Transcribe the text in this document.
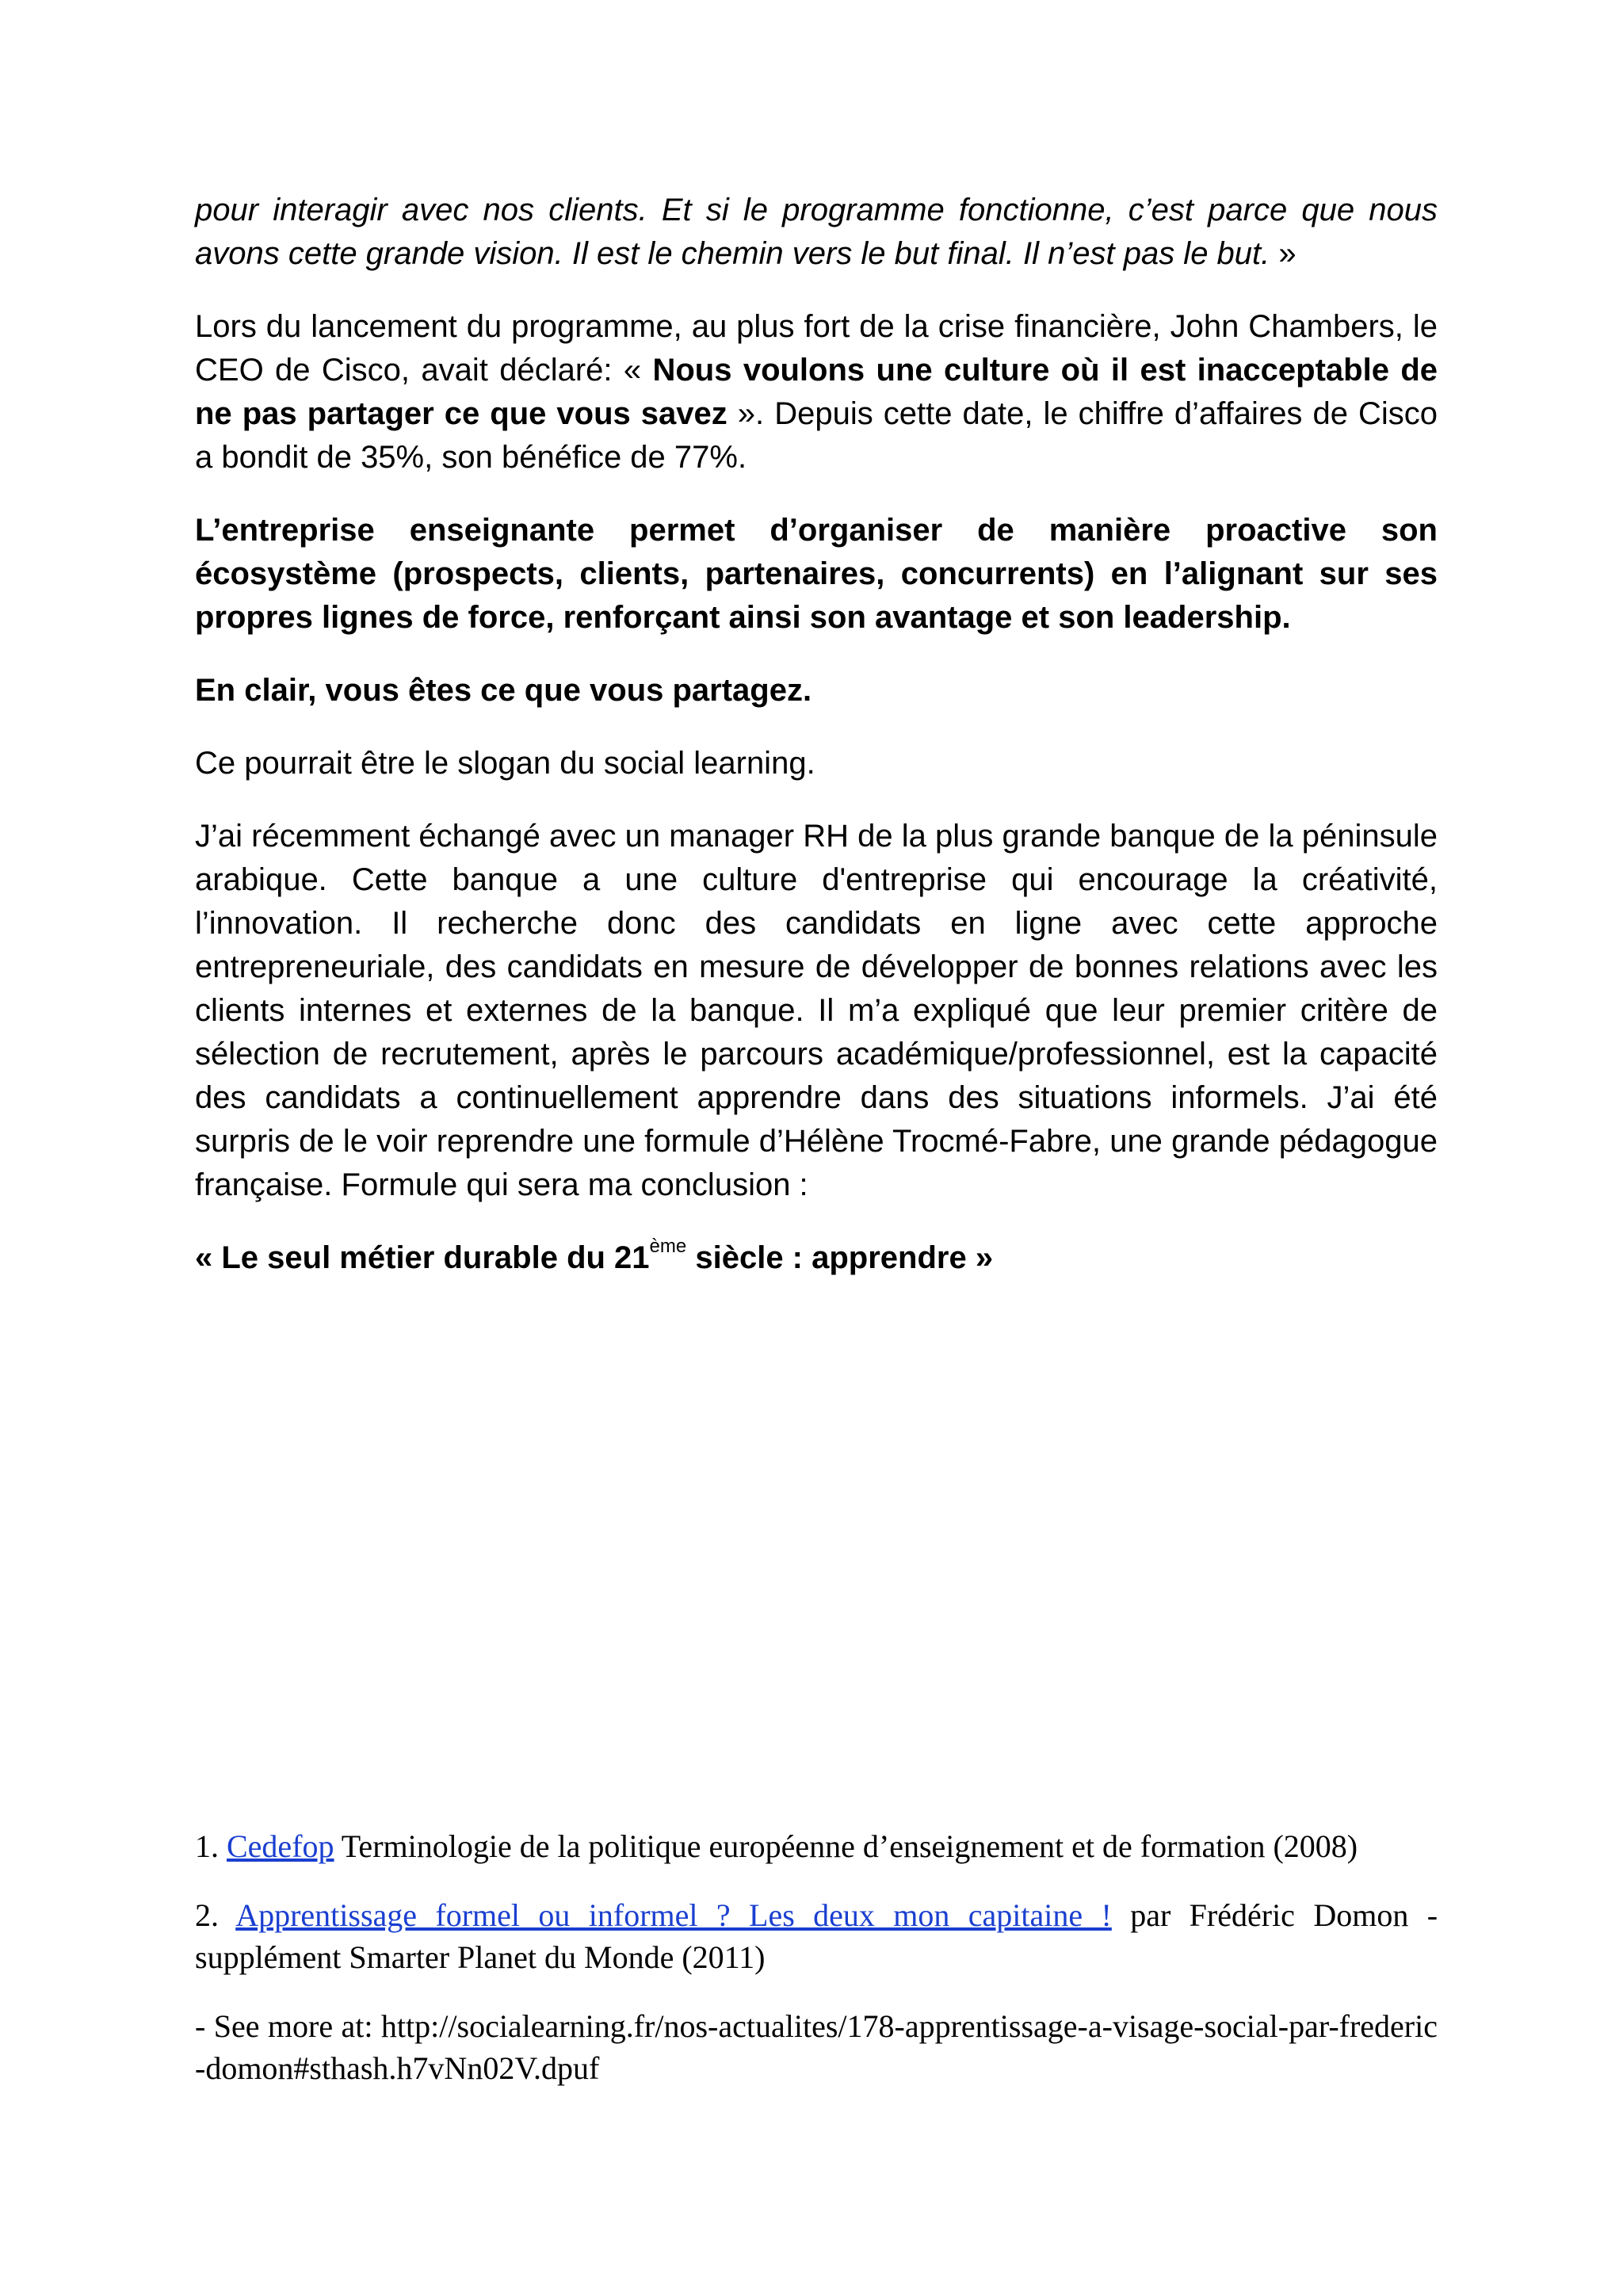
pour interagir avec nos clients. Et si le programme fonctionne, c’est parce que nous avons cette grande vision. Il est le chemin vers le but final. Il n’est pas le but. »

Lors du lancement du programme, au plus fort de la crise financière, John Chambers, le CEO de Cisco, avait déclaré: « Nous voulons une culture où il est inacceptable de ne pas partager ce que vous savez ». Depuis cette date, le chiffre d’affaires de Cisco a bondit de 35%, son bénéfice de 77%.

L’entreprise enseignante permet d’organiser de manière proactive son écosystème (prospects, clients, partenaires, concurrents) en l’alignant sur ses propres lignes de force, renforçant ainsi son avantage et son leadership.

En clair, vous êtes ce que vous partagez.

Ce pourrait être le slogan du social learning.

J’ai récemment échangé avec un manager RH de la plus grande banque de la péninsule arabique. Cette banque a une culture d'entreprise qui encourage la créativité, l’innovation. Il recherche donc des candidats en ligne avec cette approche entrepreneuriale, des candidats en mesure de développer de bonnes relations avec les clients internes et externes de la banque. Il m’a expliqué que leur premier critère de sélection de recrutement, après le parcours académique/professionnel, est la capacité des candidats a continuellement apprendre dans des situations informels. J’ai été surpris de le voir reprendre une formule d’Hélène Trocmé-Fabre, une grande pédagogue française. Formule qui sera ma conclusion :

« Le seul métier durable du 21ème siècle : apprendre »

1. Cedefop Terminologie de la politique européenne d’enseignement et de formation (2008)

2. Apprentissage formel ou informel ? Les deux mon capitaine ! par Frédéric Domon - supplément Smarter Planet du Monde (2011)

- See more at: http://socialearning.fr/nos-actualites/178-apprentissage-a-visage-social-par-frederic-domon#sthash.h7vNn02V.dpuf
